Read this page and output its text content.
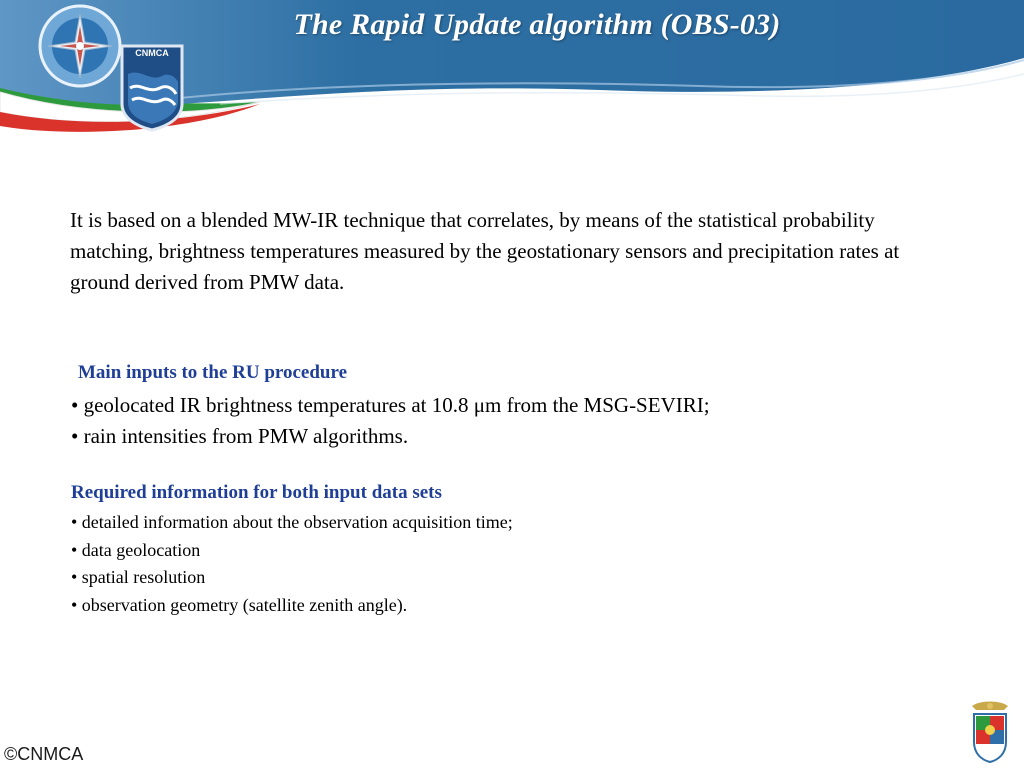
CNMCA
The Rapid Update algorithm (OBS-03)
It is based on a blended MW-IR technique that correlates, by means of the statistical probability matching, brightness temperatures measured by the geostationary sensors and precipitation rates at ground derived from PMW data.
Main inputs to the RU procedure
• geolocated IR brightness temperatures at 10.8 μm from the MSG-SEVIRI;
• rain intensities from PMW algorithms.
Required information for both input data sets
• detailed information about the observation acquisition time;
• data geolocation
• spatial resolution
• observation geometry (satellite zenith angle).
©CNMCA
